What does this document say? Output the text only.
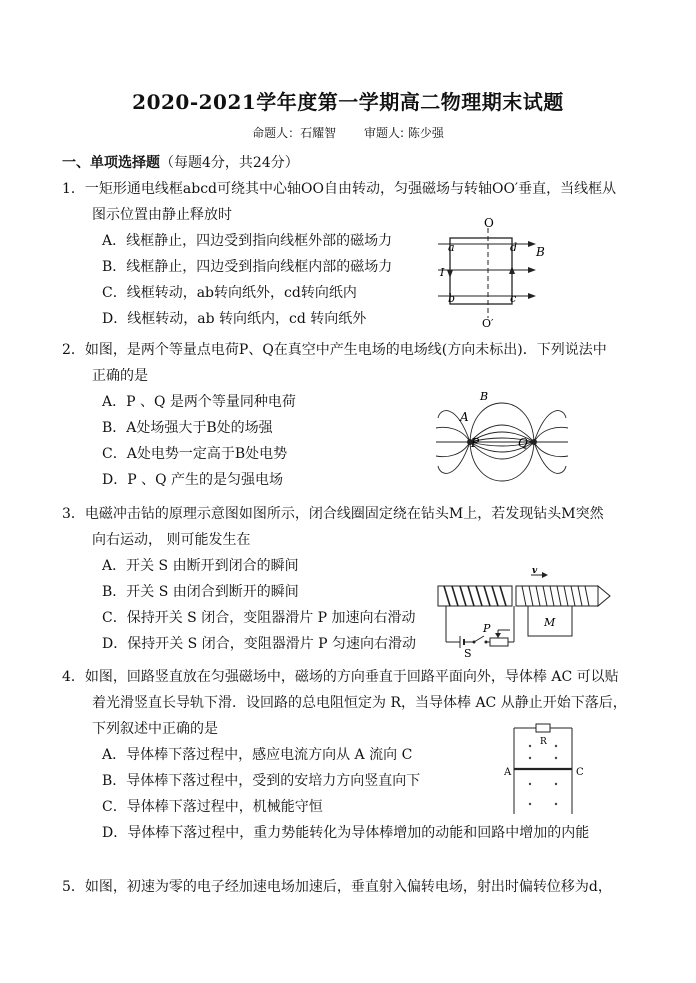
2020-2021学年度第一学期高二物理期末试题
命题人：石耀智 审题人: 陈少强
一、单项选择题（每题4分，共24分）
1．一矩形通电线框abcd可绕其中心轴OO自由转动，匀强磁场与转轴OO′垂直，当线框从
图示位置由静止释放时
A．线框静止，四边受到指向线框外部的磁场力
B．线框静止，四边受到指向线框内部的磁场力
C．线框转动，ab转向纸外，cd转向纸内
D．线框转动，ab 转向纸内，cd 转向纸外
O
O′
a	d
b	c
I
B
2．如图，是两个等量点电荷P、Q在真空中产生电场的电场线(方向未标出)．下列说法中
正确的是
A．P 、Q 是两个等量同种电荷
B．A处场强大于B处的场强
C．A处电势一定高于B处电势
D．P 、Q 产生的是匀强电场
A
B
P	Q
3．电磁冲击钻的原理示意图如图所示，闭合线圈固定绕在钻头M上，若发现钻头M突然
向右运动， 则可能发生在
A．开关 S 由断开到闭合的瞬间
B．开关 S 由闭合到断开的瞬间
C．保持开关 S 闭合，变阻器滑片 P 加速向右滑动
D．保持开关 S 闭合，变阻器滑片 P 匀速向右滑动
v
M
P
S
4．如图，回路竖直放在匀强磁场中，磁场的方向垂直于回路平面向外，导体棒 AC 可以贴
着光滑竖直长导轨下滑．设回路的总电阻恒定为 R，当导体棒 AC 从静止开始下落后，
下列叙述中正确的是
A．导体棒下落过程中，感应电流方向从 A 流向 C
B．导体棒下落过程中，受到的安培力方向竖直向下
C．导体棒下落过程中，机械能守恒
D．导体棒下落过程中，重力势能转化为导体棒增加的动能和回路中增加的内能
R
A	C
5．如图，初速为零的电子经加速电场加速后，垂直射入偏转电场，射出时偏转位移为d，
